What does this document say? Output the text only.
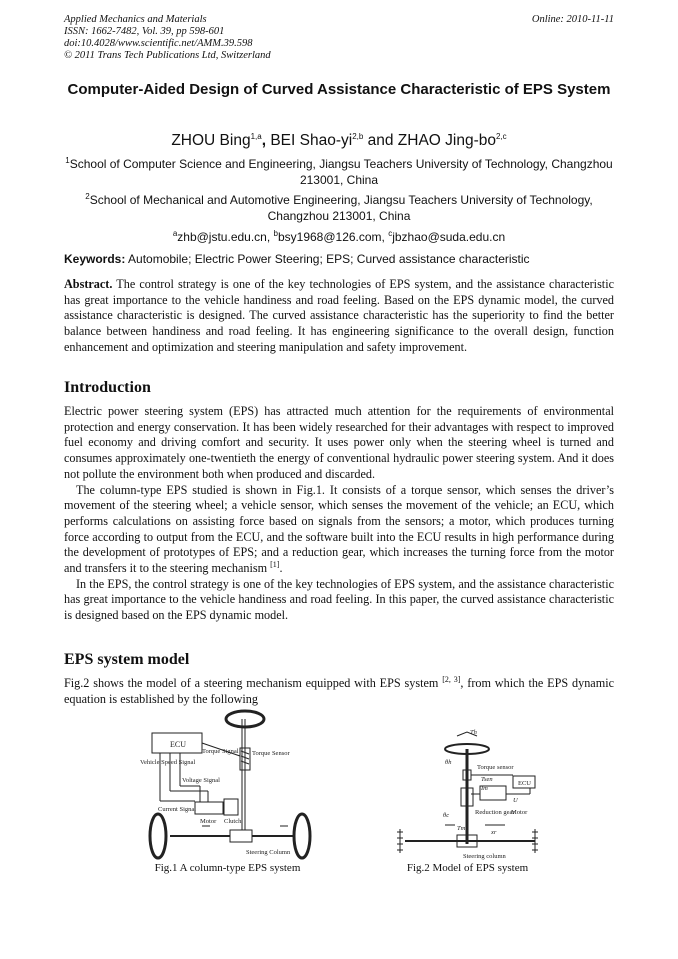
Applied Mechanics and Materials
ISSN: 1662-7482, Vol. 39, pp 598-601
doi:10.4028/www.scientific.net/AMM.39.598
© 2011 Trans Tech Publications Ltd, Switzerland
Online: 2010-11-11
Computer-Aided Design of Curved Assistance Characteristic of EPS System
ZHOU Bing$^{1,a}$, BEI Shao-yi$^{2,b}$ and ZHAO Jing-bo$^{2,c}$
$^1$School of Computer Science and Engineering, Jiangsu Teachers University of Technology, Changzhou 213001, China
$^2$School of Mechanical and Automotive Engineering, Jiangsu Teachers University of Technology, Changzhou 213001, China
$^a$zhb@jstu.edu.cn, $^b$bsy1968@126.com, $^c$jbzhao@suda.edu.cn
Keywords: Automobile; Electric Power Steering; EPS; Curved assistance characteristic

Abstract. The control strategy is one of the key technologies of EPS system, and the assistance characteristic has great importance to the vehicle handiness and road feeling. Based on the EPS dynamic model, the curved assistance characteristic is designed. The curved assistance characteristic has the superiority to find the better balance between handiness and road feeling. It has engineering significance to the overall design, function enhancement and optimization and steering manipulation and safety improvement.

Introduction

Electric power steering system (EPS) has attracted much attention for the requirements of environmental protection and energy conservation. It has been widely researched for their advantages with respect to improved fuel economy and driving comfort and security. It uses power only when the steering wheel is turned and consumes approximately one-twentieth the energy of conventional hydraulic power steering system. And it does not pollute the environment both when produced and discarded.

The column-type EPS studied is shown in Fig.1. It consists of a torque sensor, which senses the driver’s movement of the steering wheel; a vehicle sensor, which senses the movement of the vehicle; an ECU, which performs calculations on assisting force based on signals from the sensors; a motor, which produces turning force according to output from the ECU, and the software built into the ECU results in high performance during the development of prototypes of EPS; and a reduction gear, which increases the turning force from the motor and transfers it to the steering mechanism [1].

In the EPS, the control strategy is one of the key technologies of EPS system, and the assistance characteristic has great importance to the vehicle handiness and road feeling. In this paper, the curved assistance characteristic is designed based on the EPS dynamic model.

EPS system model

Fig.2 shows the model of a steering mechanism equipped with EPS system [2, 3], from which the EPS dynamic equation is established by the following

ECU
Torque Signal Torque Sensor
Vehicle Speed Signal
Voltage Signal
Current Signal
Motor Clutch
Steering Column
Fig.1 A column-type EPS system
Th
θh
Torque sensor
Tsen
ECU
Im
U
Motor
Reduction gear
θc
Tm
xr
Steering column
Fig.2 Model of EPS system
